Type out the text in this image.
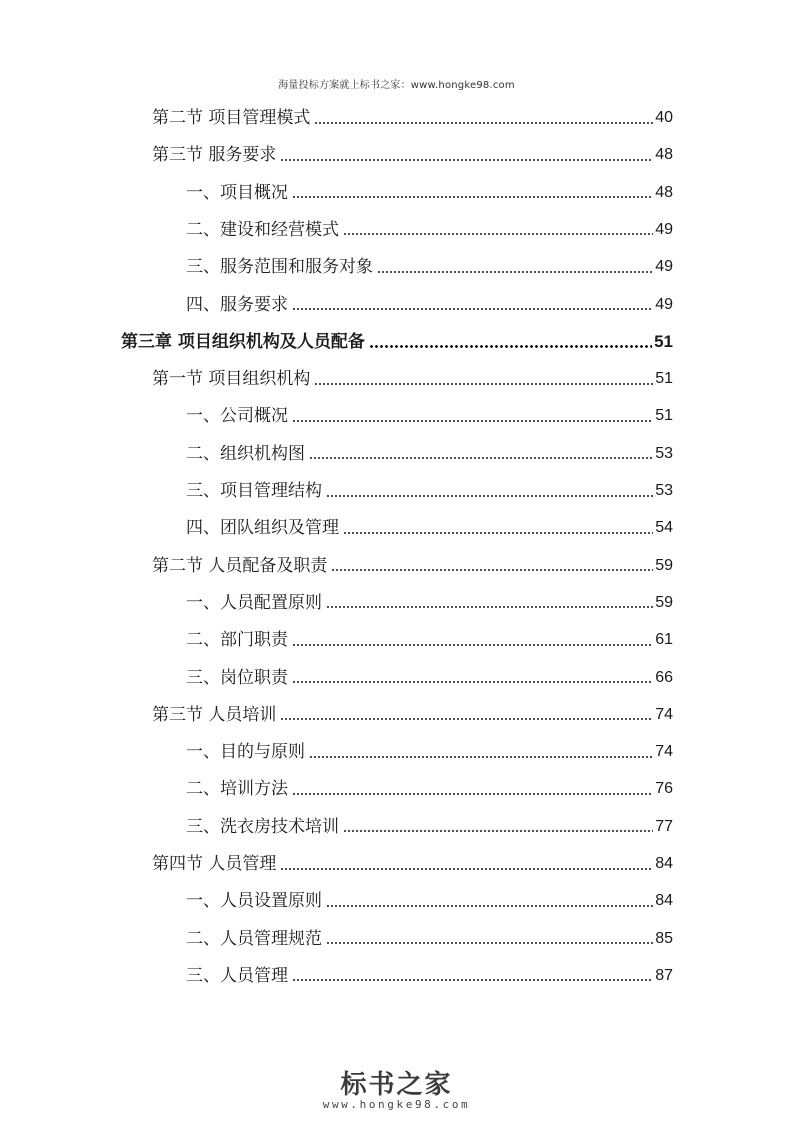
海量投标方案就上标书之家：www.hongke98.com
第二节 项目管理模式	40
第三节 服务要求	48
一、项目概况	48
二、建设和经营模式	49
三、服务范围和服务对象	49
四、服务要求	49
第三章 项目组织机构及人员配备	51
第一节 项目组织机构	51
一、公司概况	51
二、组织机构图	53
三、项目管理结构	53
四、团队组织及管理	54
第二节 人员配备及职责	59
一、人员配置原则	59
二、部门职责	61
三、岗位职责	66
第三节 人员培训	74
一、目的与原则	74
二、培训方法	76
三、洗衣房技术培训	77
第四节 人员管理	84
一、人员设置原则	84
二、人员管理规范	85
三、人员管理	87
标书之家
www.hongke98.com
